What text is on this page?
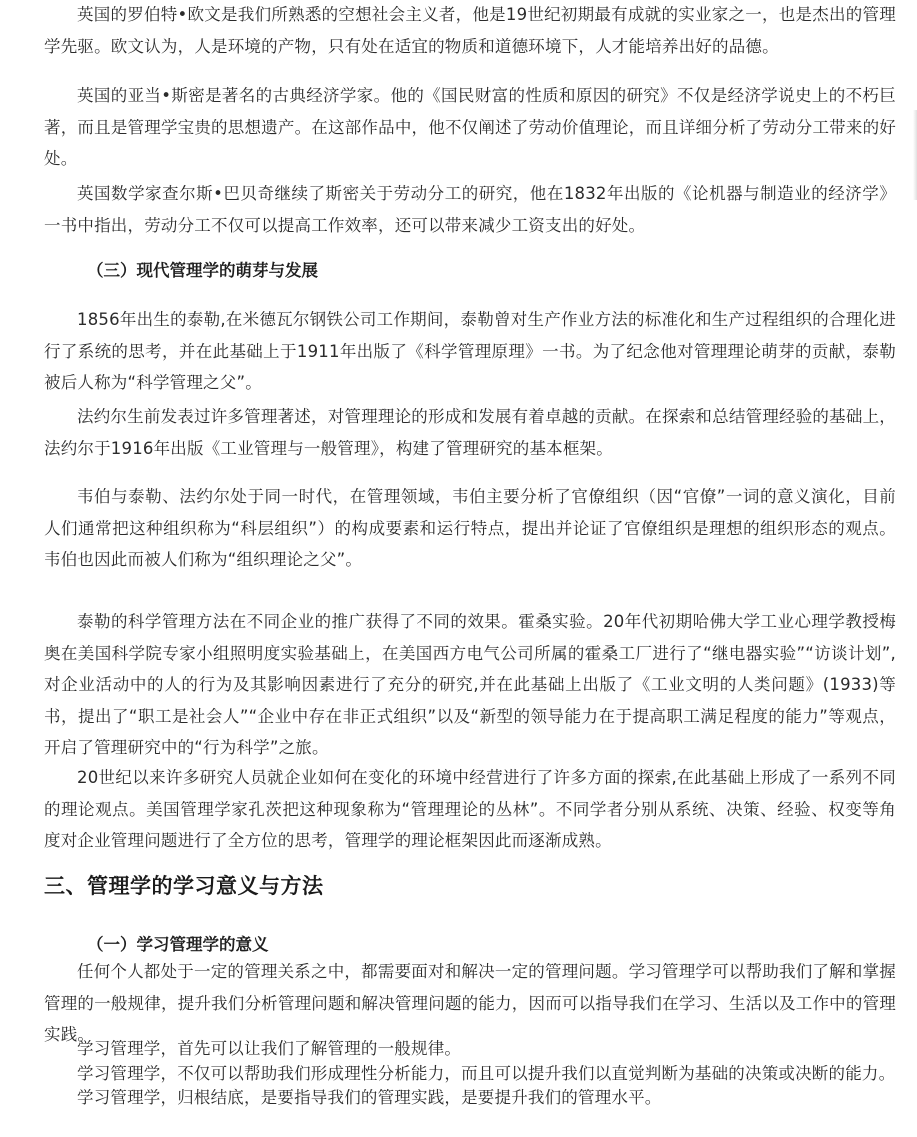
英国的罗伯特•欧文是我们所熟悉的空想社会主义者，他是19世纪初期最有成就的实业家之一，也是杰出的管理学先驱。欧文认为，人是环境的产物，只有处在适宜的物质和道德环境下，人才能培养出好的品德。

英国的亚当•斯密是著名的古典经济学家。他的《国民财富的性质和原因的研究》不仅是经济学说史上的不朽巨著，而且是管理学宝贵的思想遗产。在这部作品中，他不仅阐述了劳动价值理论，而且详细分析了劳动分工带来的好处。

英国数学家查尔斯•巴贝奇继续了斯密关于劳动分工的研究，他在1832年出版的《论机器与制造业的经济学》一书中指出，劳动分工不仅可以提高工作效率，还可以带来减少工资支出的好处。

（三）现代管理学的萌芽与发展

1856年出生的泰勒,在米德瓦尔钢铁公司工作期间，泰勒曾对生产作业方法的标准化和生产过程组织的合理化进行了系统的思考，并在此基础上于1911年出版了《科学管理原理》一书。为了纪念他对管理理论萌芽的贡献，泰勒被后人称为“科学管理之父”。

法约尔生前发表过许多管理著述，对管理理论的形成和发展有着卓越的贡献。在探索和总结管理经验的基础上，法约尔于1916年出版《工业管理与一般管理》，构建了管理研究的基本框架。

韦伯与泰勒、法约尔处于同一时代，在管理领域，韦伯主要分析了官僚组织（因“官僚”一词的意义演化，目前人们通常把这种组织称为“科层组织”）的构成要素和运行特点，提出并论证了官僚组织是理想的组织形态的观点。韦伯也因此而被人们称为“组织理论之父”。

泰勒的科学管理方法在不同企业的推广获得了不同的效果。霍桑实验。20年代初期哈佛大学工业心理学教授梅奥在美国科学院专家小组照明度实验基础上，在美国西方电气公司所属的霍桑工厂进行了“继电器实验”“访谈计划”,对企业活动中的人的行为及其影响因素进行了充分的研究,并在此基础上出版了《工业文明的人类问题》(1933)等书，提出了“职工是社会人”“企业中存在非正式组织”以及“新型的领导能力在于提高职工满足程度的能力”等观点，开启了管理研究中的“行为科学”之旅。

20世纪以来许多研究人员就企业如何在变化的环境中经营进行了许多方面的探索,在此基础上形成了一系列不同的理论观点。美国管理学家孔茨把这种现象称为“管理理论的丛林”。不同学者分别从系统、决策、经验、权变等角度对企业管理问题进行了全方位的思考，管理学的理论框架因此而逐渐成熟。

三、管理学的学习意义与方法
（一）学习管理学的意义

任何个人都处于一定的管理关系之中，都需要面对和解决一定的管理问题。学习管理学可以帮助我们了解和掌握管理的一般规律，提升我们分析管理问题和解决管理问题的能力，因而可以指导我们在学习、生活以及工作中的管理实践。

学习管理学，首先可以让我们了解管理的一般规律。

学习管理学，不仅可以帮助我们形成理性分析能力，而且可以提升我们以直觉判断为基础的决策或决断的能力。

学习管理学，归根结底，是要指导我们的管理实践，是要提升我们的管理水平。
